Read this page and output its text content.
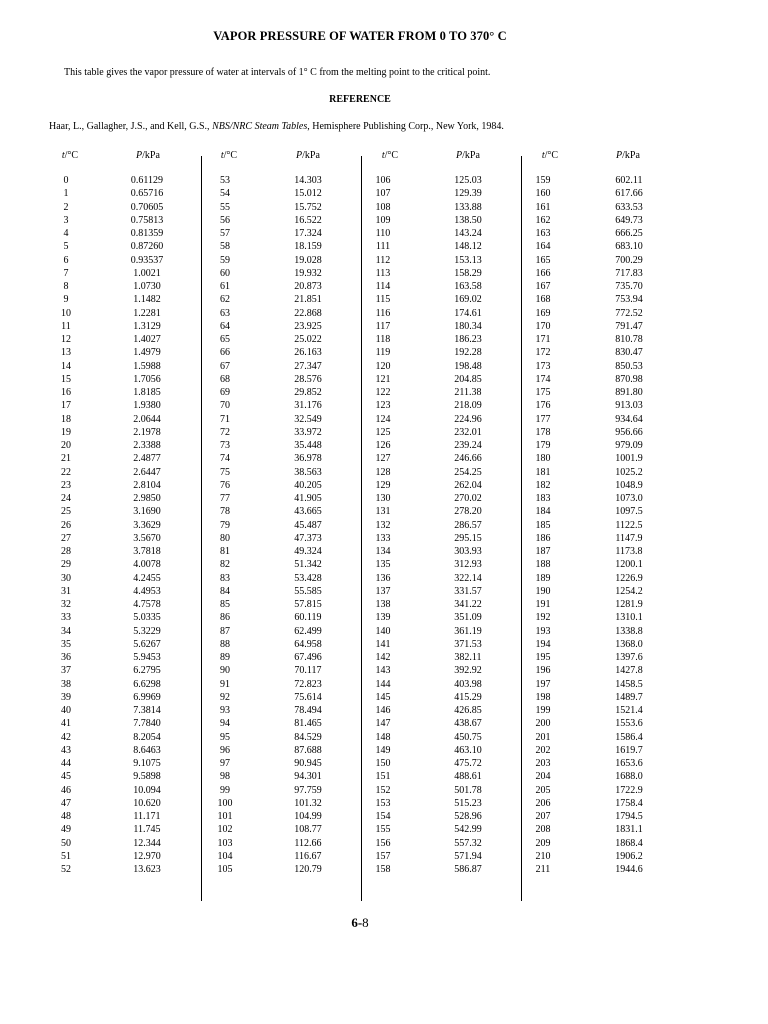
VAPOR PRESSURE OF WATER FROM 0 TO 370° C
This table gives the vapor pressure of water at intervals of 1° C from the melting point to the critical point.
REFERENCE
Haar, L., Gallagher, J.S., and Kell, G.S., NBS/NRC Steam Tables, Hemisphere Publishing Corp., New York, 1984.
t/°C	P/kPa
0	0.61129
1	0.65716
2	0.70605
3	0.75813
4	0.81359
5	0.87260
6	0.93537
7	1.0021
8	1.0730
9	1.1482
10	1.2281
11	1.3129
12	1.4027
13	1.4979
14	1.5988
15	1.7056
16	1.8185
17	1.9380
18	2.0644
19	2.1978
20	2.3388
21	2.4877
22	2.6447
23	2.8104
24	2.9850
25	3.1690
26	3.3629
27	3.5670
28	3.7818
29	4.0078
30	4.2455
31	4.4953
32	4.7578
33	5.0335
34	5.3229
35	5.6267
36	5.9453
37	6.2795
38	6.6298
39	6.9969
40	7.3814
41	7.7840
42	8.2054
43	8.6463
44	9.1075
45	9.5898
46	10.094
47	10.620
48	11.171
49	11.745
50	12.344
51	12.970
52	13.623
t/°C	P/kPa
53	14.303
54	15.012
55	15.752
56	16.522
57	17.324
58	18.159
59	19.028
60	19.932
61	20.873
62	21.851
63	22.868
64	23.925
65	25.022
66	26.163
67	27.347
68	28.576
69	29.852
70	31.176
71	32.549
72	33.972
73	35.448
74	36.978
75	38.563
76	40.205
77	41.905
78	43.665
79	45.487
80	47.373
81	49.324
82	51.342
83	53.428
84	55.585
85	57.815
86	60.119
87	62.499
88	64.958
89	67.496
90	70.117
91	72.823
92	75.614
93	78.494
94	81.465
95	84.529
96	87.688
97	90.945
98	94.301
99	97.759
100	101.32
101	104.99
102	108.77
103	112.66
104	116.67
105	120.79
t/°C	P/kPa
106	125.03
107	129.39
108	133.88
109	138.50
110	143.24
111	148.12
112	153.13
113	158.29
114	163.58
115	169.02
116	174.61
117	180.34
118	186.23
119	192.28
120	198.48
121	204.85
122	211.38
123	218.09
124	224.96
125	232.01
126	239.24
127	246.66
128	254.25
129	262.04
130	270.02
131	278.20
132	286.57
133	295.15
134	303.93
135	312.93
136	322.14
137	331.57
138	341.22
139	351.09
140	361.19
141	371.53
142	382.11
143	392.92
144	403.98
145	415.29
146	426.85
147	438.67
148	450.75
149	463.10
150	475.72
151	488.61
152	501.78
153	515.23
154	528.96
155	542.99
156	557.32
157	571.94
158	586.87
t/°C	P/kPa
159	602.11
160	617.66
161	633.53
162	649.73
163	666.25
164	683.10
165	700.29
166	717.83
167	735.70
168	753.94
169	772.52
170	791.47
171	810.78
172	830.47
173	850.53
174	870.98
175	891.80
176	913.03
177	934.64
178	956.66
179	979.09
180	1001.9
181	1025.2
182	1048.9
183	1073.0
184	1097.5
185	1122.5
186	1147.9
187	1173.8
188	1200.1
189	1226.9
190	1254.2
191	1281.9
192	1310.1
193	1338.8
194	1368.0
195	1397.6
196	1427.8
197	1458.5
198	1489.7
199	1521.4
200	1553.6
201	1586.4
202	1619.7
203	1653.6
204	1688.0
205	1722.9
206	1758.4
207	1794.5
208	1831.1
209	1868.4
210	1906.2
211	1944.6
6-8
